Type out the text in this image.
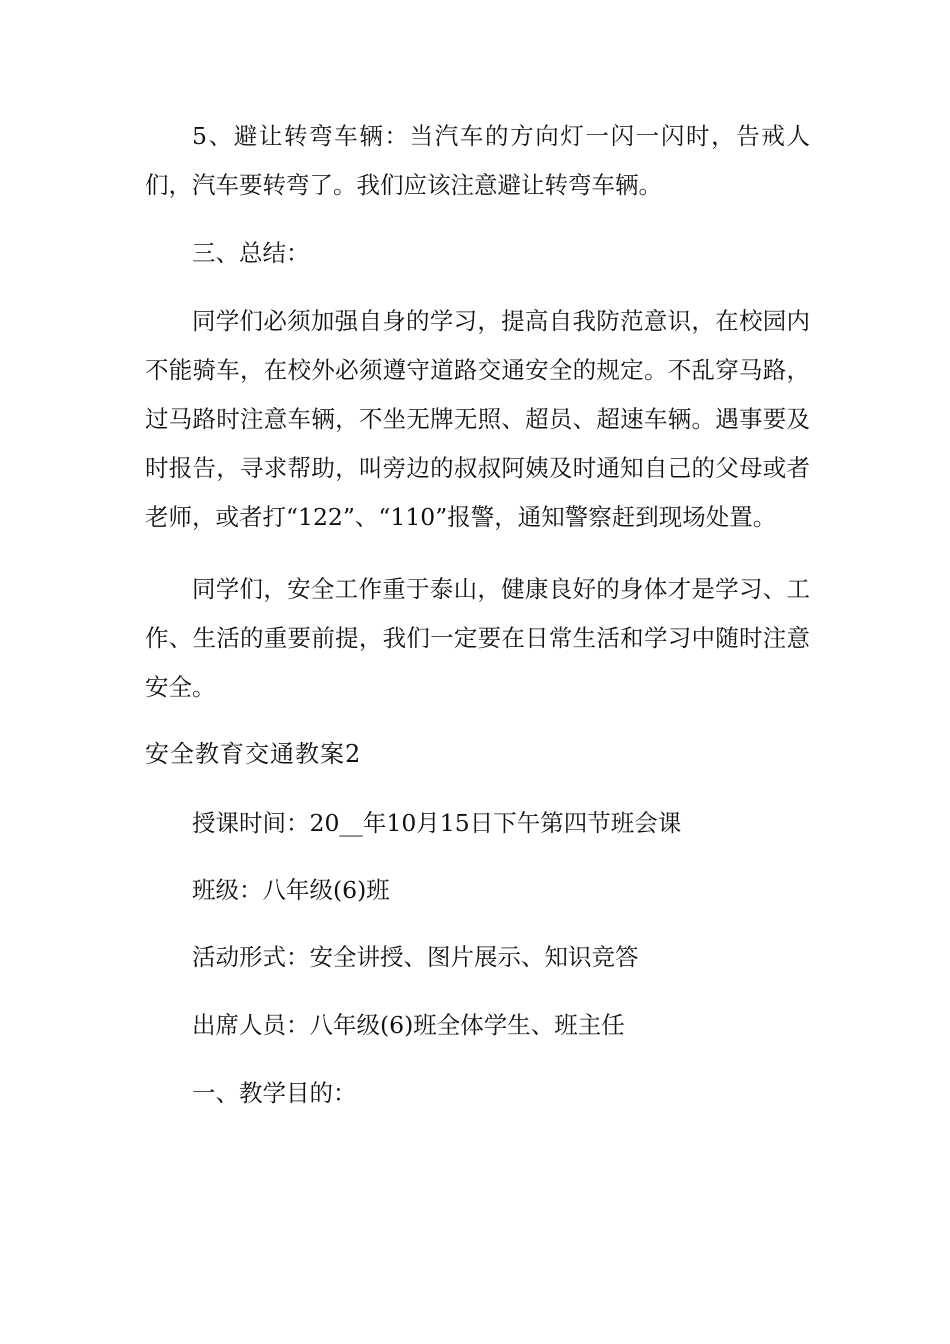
5、避让转弯车辆：当汽车的方向灯一闪一闪时，告戒人们，汽车要转弯了。我们应该注意避让转弯车辆。

三、总结：

同学们必须加强自身的学习，提高自我防范意识，在校园内不能骑车，在校外必须遵守道路交通安全的规定。不乱穿马路，过马路时注意车辆，不坐无牌无照、超员、超速车辆。遇事要及时报告，寻求帮助，叫旁边的叔叔阿姨及时通知自己的父母或者老师，或者打“122”、“110”报警，通知警察赶到现场处置。

同学们，安全工作重于泰山，健康良好的身体才是学习、工作、生活的重要前提，我们一定要在日常生活和学习中随时注意安全。

安全教育交通教案2

授课时间：20__年10月15日下午第四节班会课

班级：八年级(6)班

活动形式：安全讲授、图片展示、知识竞答

出席人员：八年级(6)班全体学生、班主任

一、教学目的：
